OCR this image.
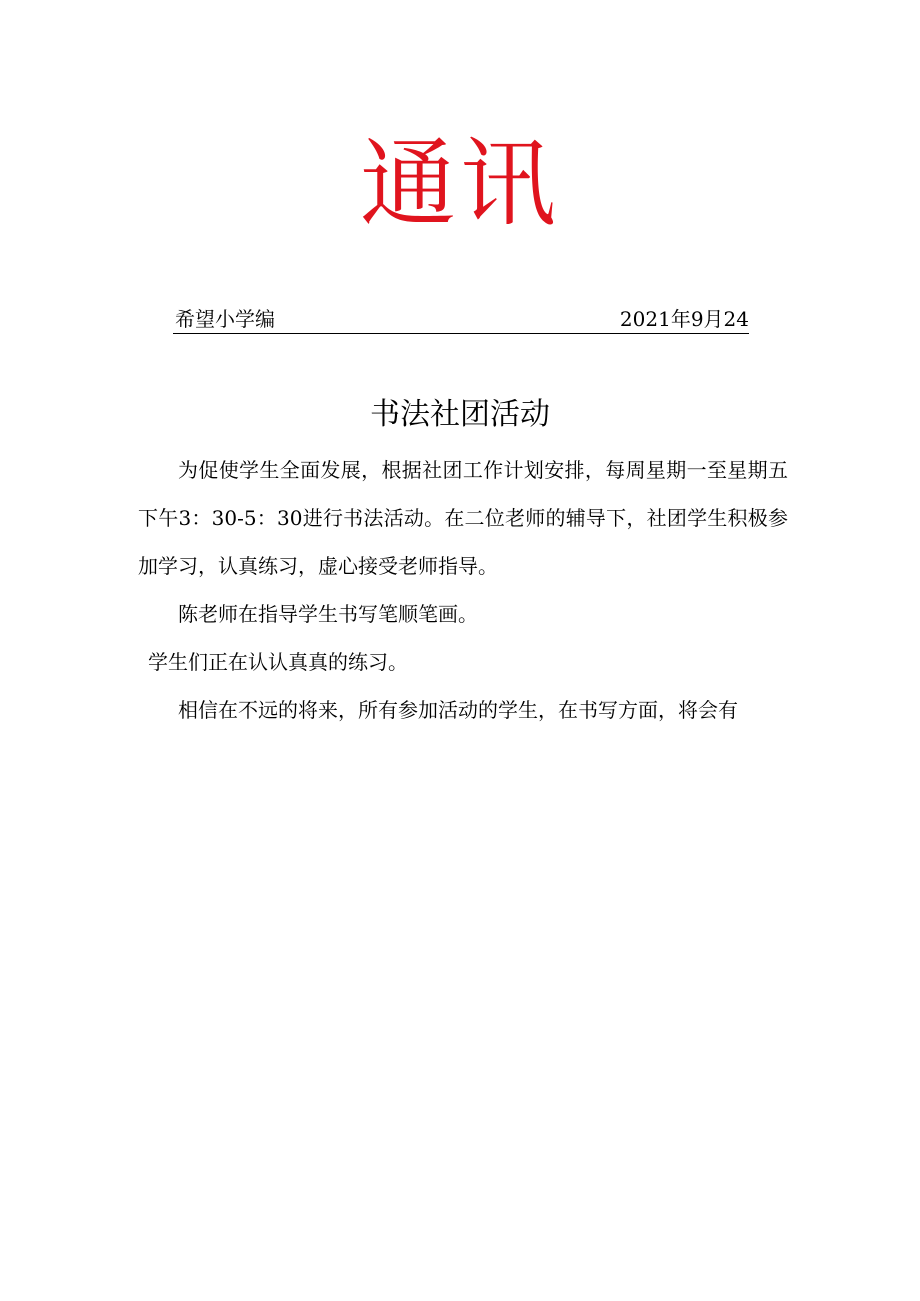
通讯
希望小学编	2021年9月24
书法社团活动

为促使学生全面发展，根据社团工作计划安排，每周星期一至星期五下午3：30-5：30进行书法活动。在二位老师的辅导下，社团学生积极参加学习，认真练习，虚心接受老师指导。

陈老师在指导学生书写笔顺笔画。

学生们正在认认真真的练习。

相信在不远的将来，所有参加活动的学生，在书写方面，将会有
